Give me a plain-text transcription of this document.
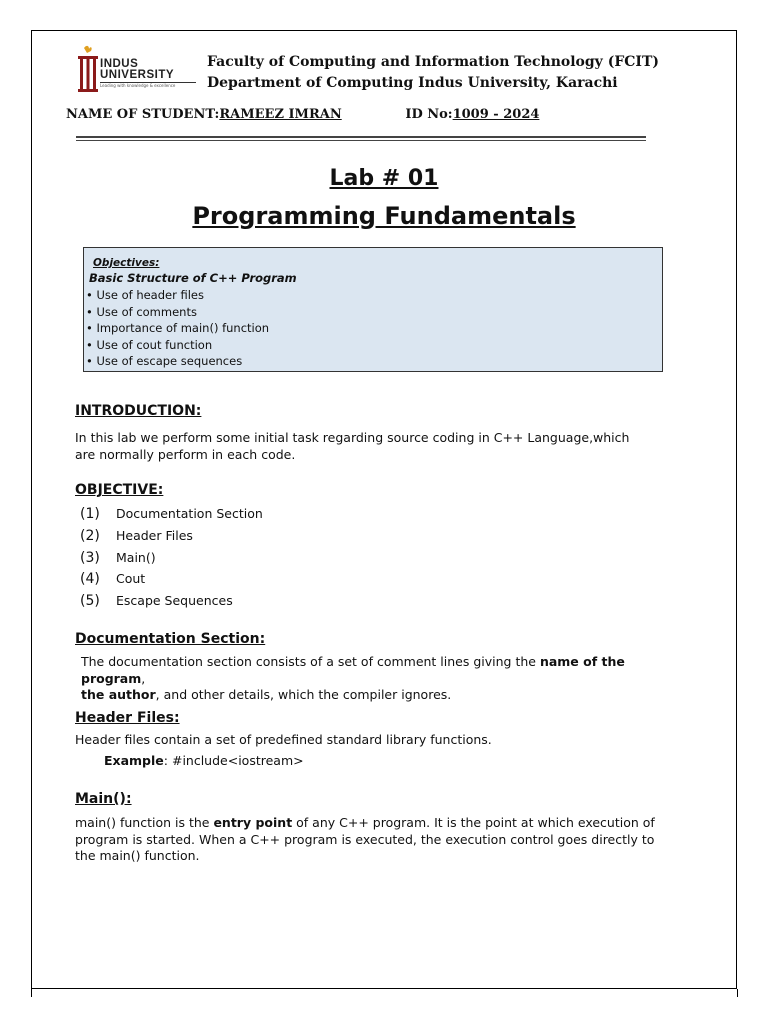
INDUS
UNIVERSITY
Leading with knowledge & excellence
Faculty of Computing and Information Technology (FCIT)
Department of Computing Indus University, Karachi
NAME OF STUDENT:RAMEEZ IMRAN	ID No:1009 - 2024
Lab # 01
Programming Fundamentals
Objectives:
Basic Structure of C++ Program
• Use of header files
• Use of comments
• Importance of main() function
• Use of cout function
• Use of escape sequences
INTRODUCTION:
In this lab we perform some initial task regarding source coding in C++ Language,which
are normally perform in each code.
OBJECTIVE:
(1) Documentation Section
(2) Header Files
(3) Main()
(4) Cout
(5) Escape Sequences
Documentation Section:
The documentation section consists of a set of comment lines giving the name of the program,
the author, and other details, which the compiler ignores.
Header Files:
Header files contain a set of predefined standard library functions.
Example: #include<iostream>
Main():
main() function is the entry point of any C++ program. It is the point at which execution of
program is started. When a C++ program is executed, the execution control goes directly to
the main() function.
